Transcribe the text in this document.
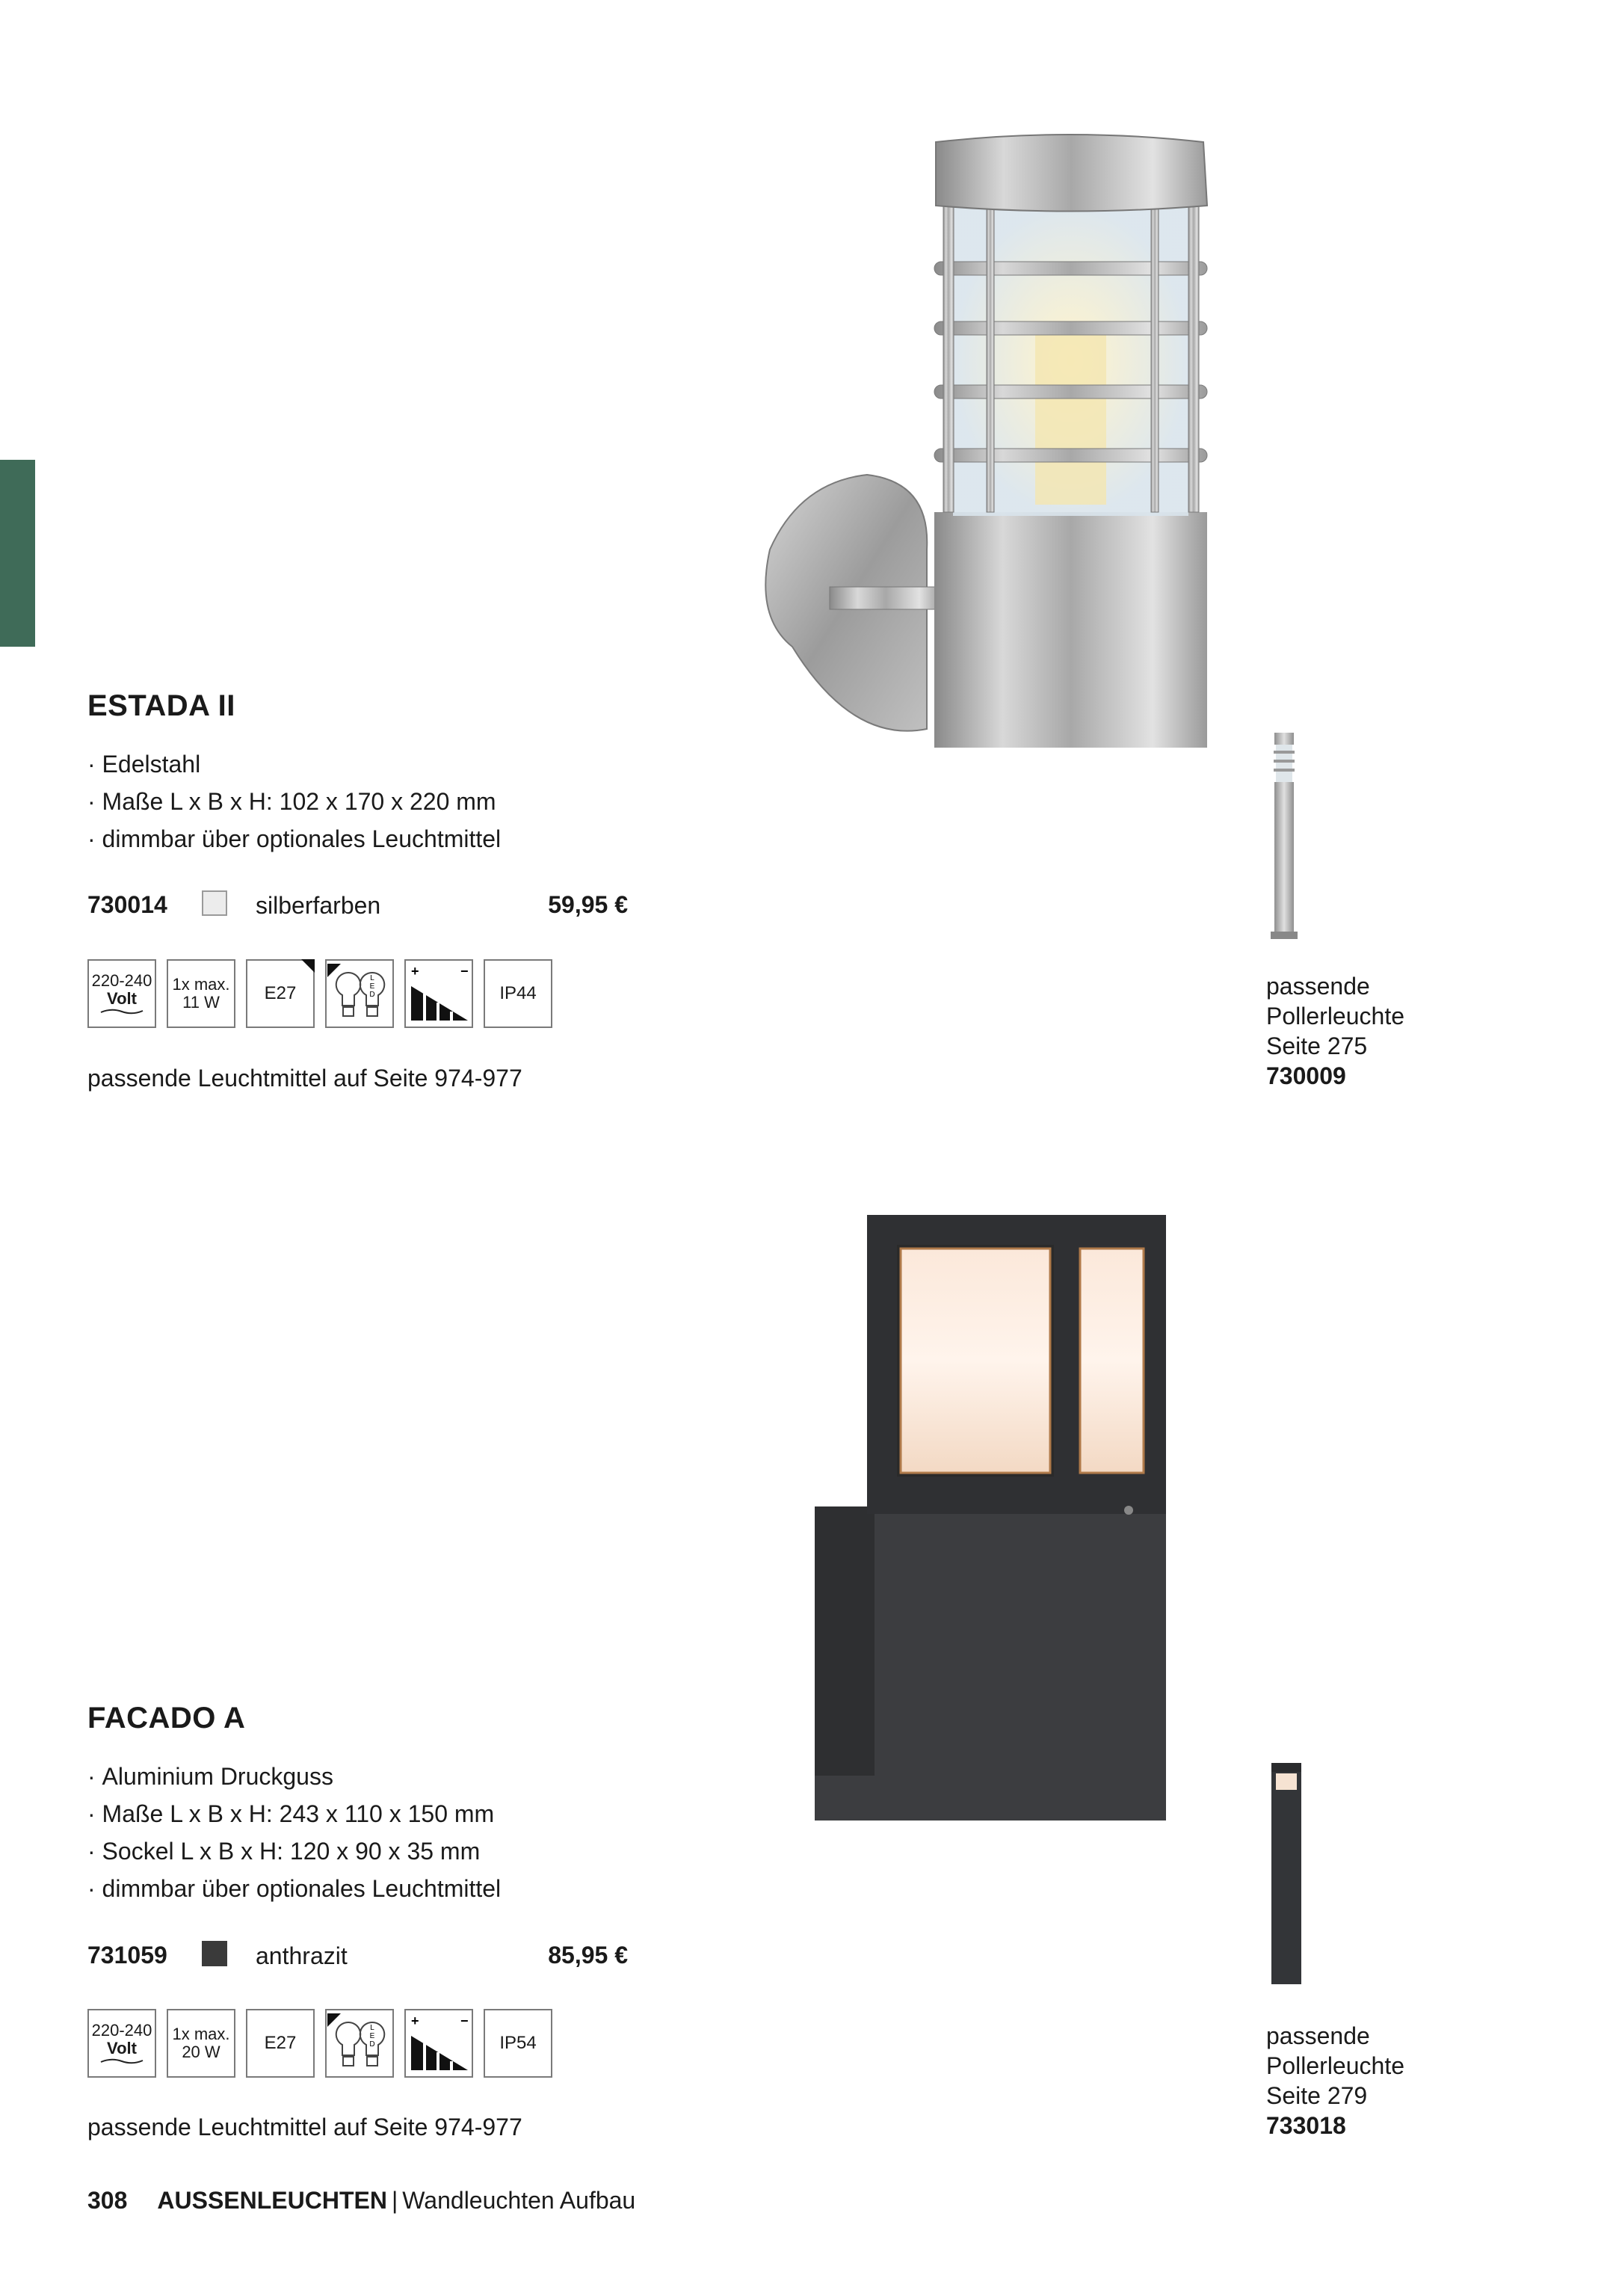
ESTADA II
· Edelstahl
· Maße L x B x H: 102 x 170 x 220 mm
· dimmbar über optionales Leuchtmittel
730014	silberfarben	59,95 €
220-240
Volt
1x max.
11 W E27
L
E
D
+	−
IP44
passende Leuchtmittel auf Seite 974-977
passende
Pollerleuchte
Seite 275
730009
FACADO A
· Aluminium Druckguss
· Maße L x B x H: 243 x 110 x 150 mm
· Sockel L x B x H: 120 x 90 x 35 mm
· dimmbar über optionales Leuchtmittel
731059	anthrazit	85,95 €
220-240
Volt
1x max.
20 W E27
L
E
D
+	−
IP54
passende Leuchtmittel auf Seite 974-977
passende
Pollerleuchte
Seite 279
733018
308 AUSSENLEUCHTEN | Wandleuchten Aufbau
